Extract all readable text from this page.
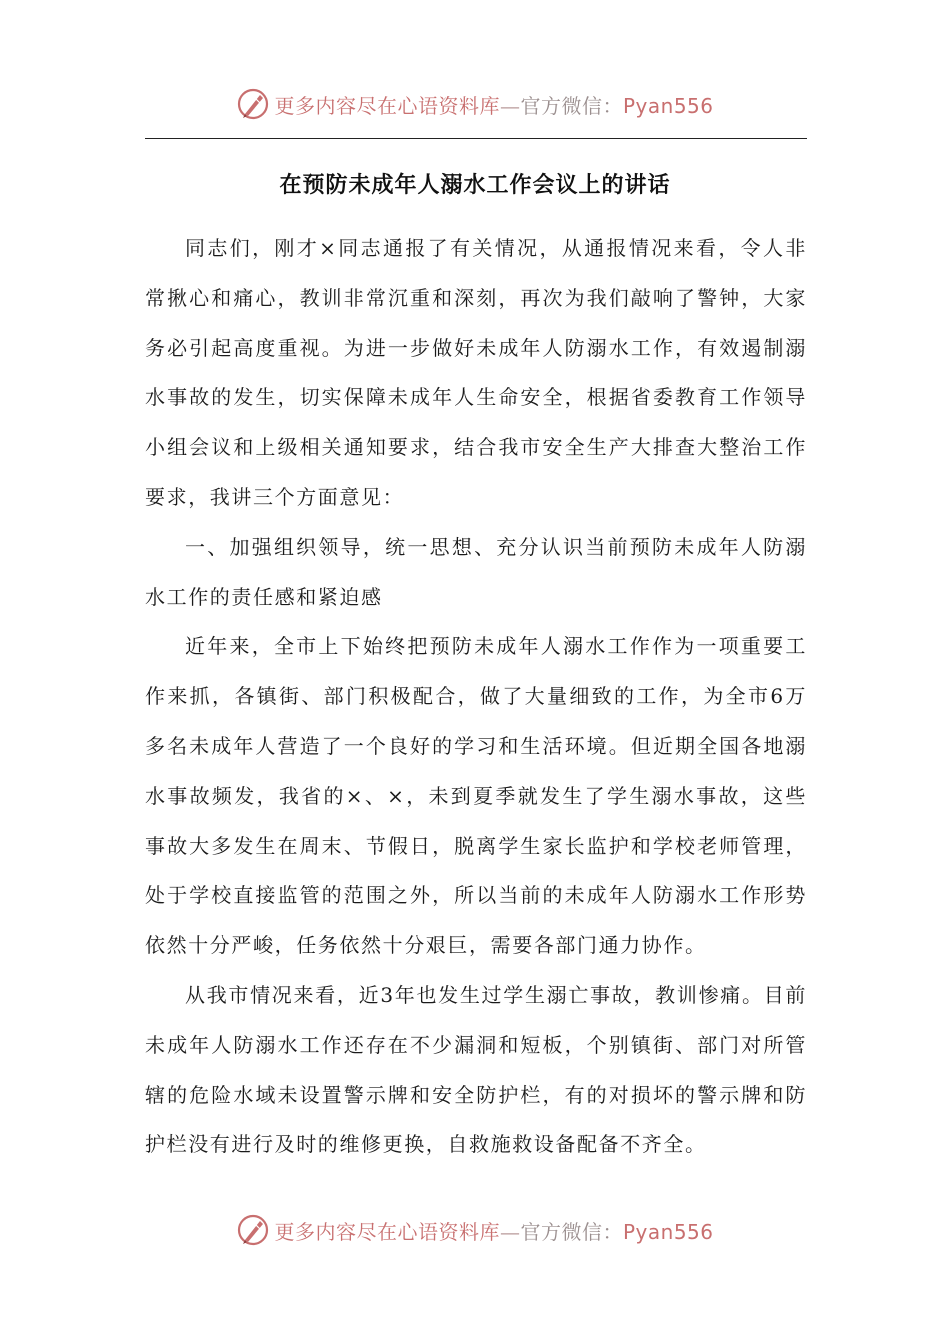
更多内容尽在心语资料库—官方微信：Pyan556
在预防未成年人溺水工作会议上的讲话

同志们，刚才×同志通报了有关情况，从通报情况来看，令人非常揪心和痛心，教训非常沉重和深刻，再次为我们敲响了警钟，大家务必引起高度重视。为进一步做好未成年人防溺水工作，有效遏制溺水事故的发生，切实保障未成年人生命安全，根据省委教育工作领导小组会议和上级相关通知要求，结合我市安全生产大排查大整治工作要求，我讲三个方面意见：

一、加强组织领导，统一思想、充分认识当前预防未成年人防溺水工作的责任感和紧迫感

近年来，全市上下始终把预防未成年人溺水工作作为一项重要工作来抓，各镇街、部门积极配合，做了大量细致的工作，为全市6万多名未成年人营造了一个良好的学习和生活环境。但近期全国各地溺水事故频发，我省的×、×，未到夏季就发生了学生溺水事故，这些事故大多发生在周末、节假日，脱离学生家长监护和学校老师管理，处于学校直接监管的范围之外，所以当前的未成年人防溺水工作形势依然十分严峻，任务依然十分艰巨，需要各部门通力协作。

从我市情况来看，近3年也发生过学生溺亡事故，教训惨痛。目前未成年人防溺水工作还存在不少漏洞和短板，个别镇街、部门对所管辖的危险水域未设置警示牌和安全防护栏，有的对损坏的警示牌和防护栏没有进行及时的维修更换，自救施救设备配备不齐全。

更多内容尽在心语资料库—官方微信：Pyan556
